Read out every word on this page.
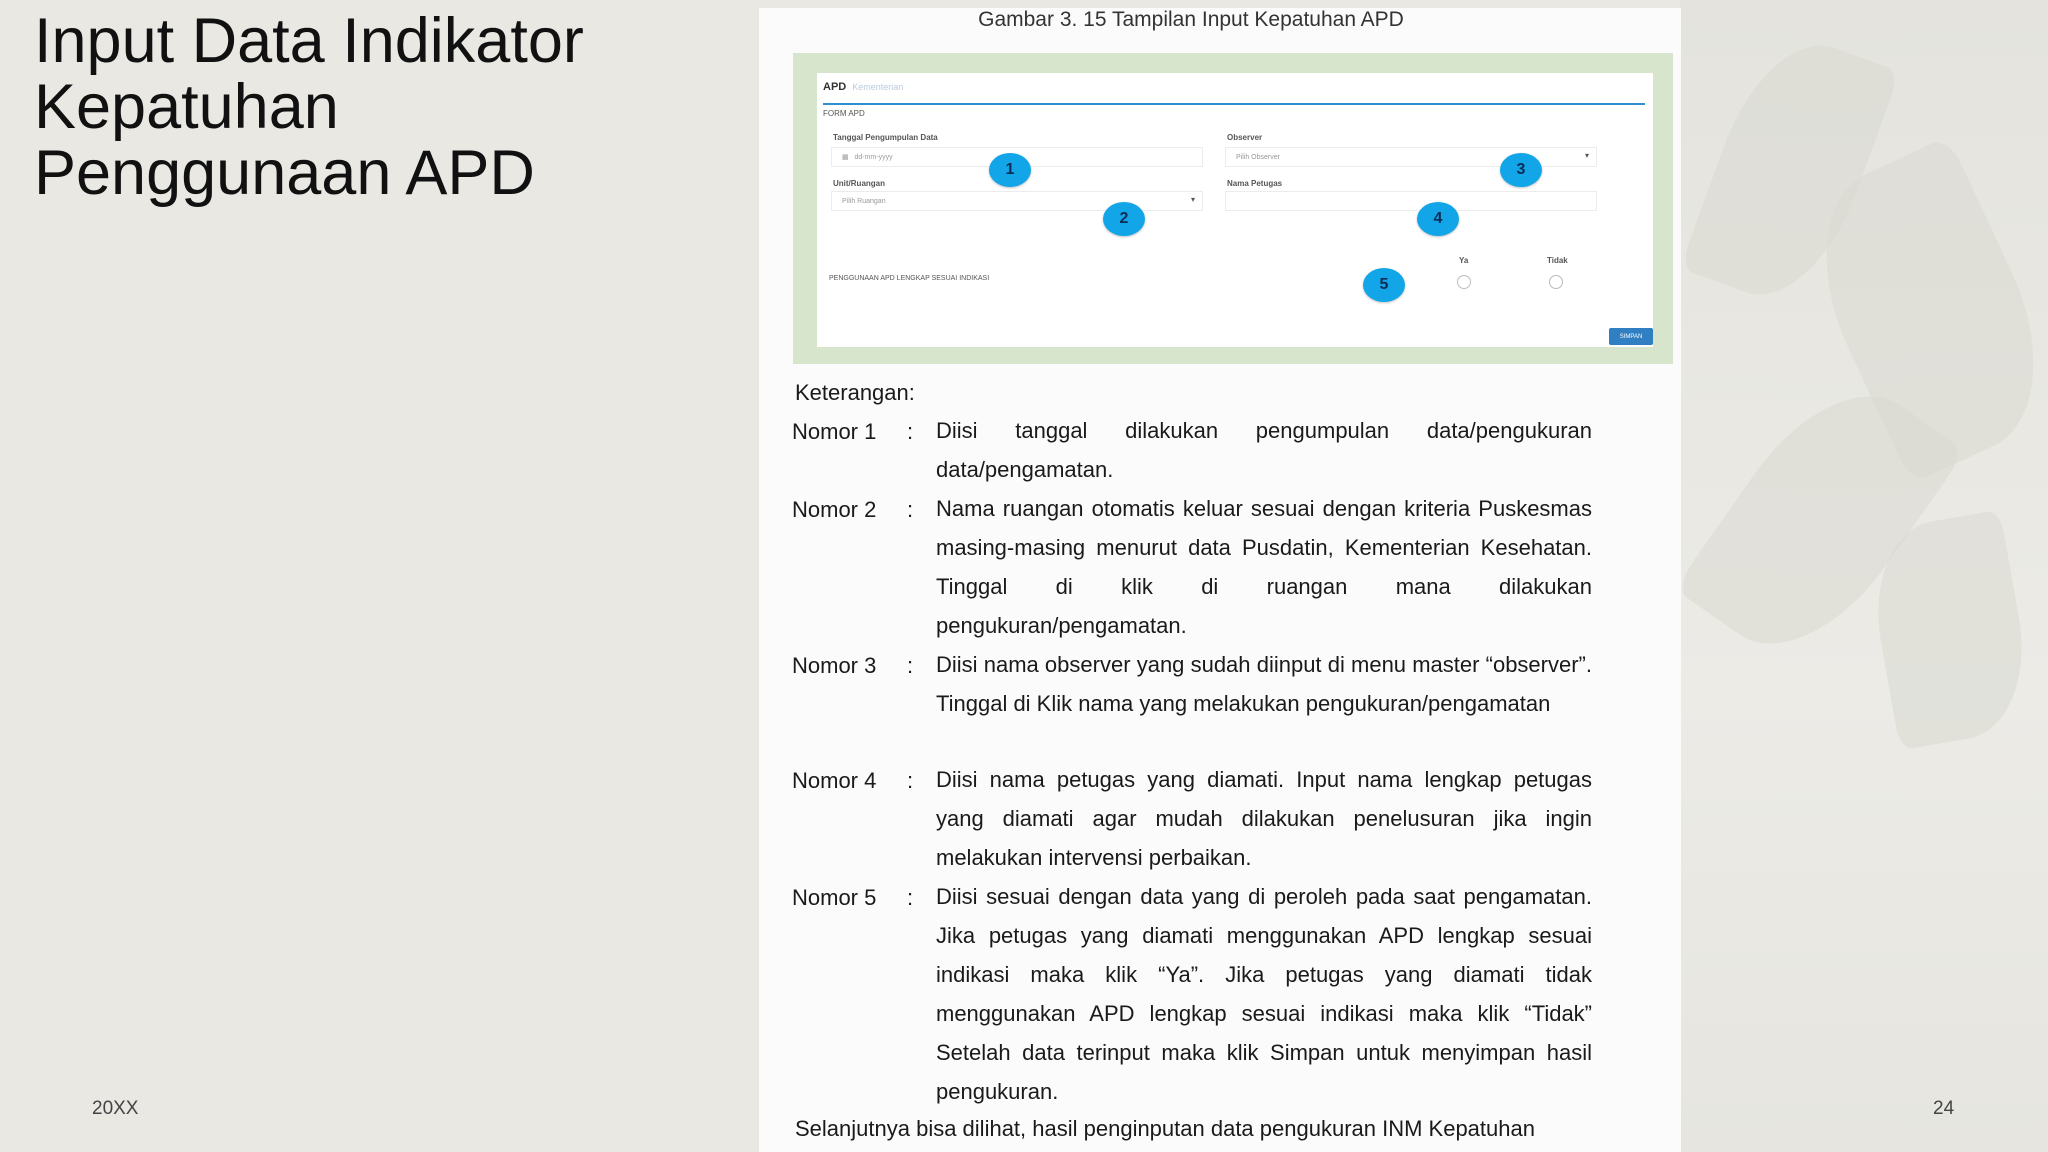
Input Data Indikator
Kepatuhan
Penggunaan APD
Gambar 3. 15 Tampilan Input Kepatuhan APD
APD Kementerian
FORM APD
Tanggal Pengumpulan Data
▦ dd-mm-yyyy
Observer
Pilih Observer	▾
Unit/Ruangan
Pilih Ruangan	▾
Nama Petugas
PENGGUNAAN APD LENGKAP SESUAI INDIKASI
Ya	Tidak
SIMPAN
1
2
3
4
5
Keterangan:
Nomor 1	: Diisi tanggal dilakukan pengumpulan data/pengukuran data/pengamatan.
Nomor 2	: Nama ruangan otomatis keluar sesuai dengan kriteria Puskesmas masing-masing menurut data Pusdatin, Kementerian Kesehatan. Tinggal di klik di ruangan mana dilakukan pengukuran/pengamatan.
Nomor 3	: Diisi nama observer yang sudah diinput di menu master “observer”. Tinggal di Klik nama yang melakukan pengukuran/pengamatan
Nomor 4	: Diisi nama petugas yang diamati. Input nama lengkap petugas yang diamati agar mudah dilakukan penelusuran jika ingin melakukan intervensi perbaikan.
Nomor 5	: Diisi sesuai dengan data yang di peroleh pada saat pengamatan. Jika petugas yang diamati menggunakan APD lengkap sesuai indikasi maka klik “Ya”. Jika petugas yang diamati tidak menggunakan APD lengkap sesuai indikasi maka klik “Tidak” Setelah data terinput maka klik Simpan untuk menyimpan hasil pengukuran.
Selanjutnya bisa dilihat, hasil penginputan data pengukuran INM Kepatuhan
20XX	24
